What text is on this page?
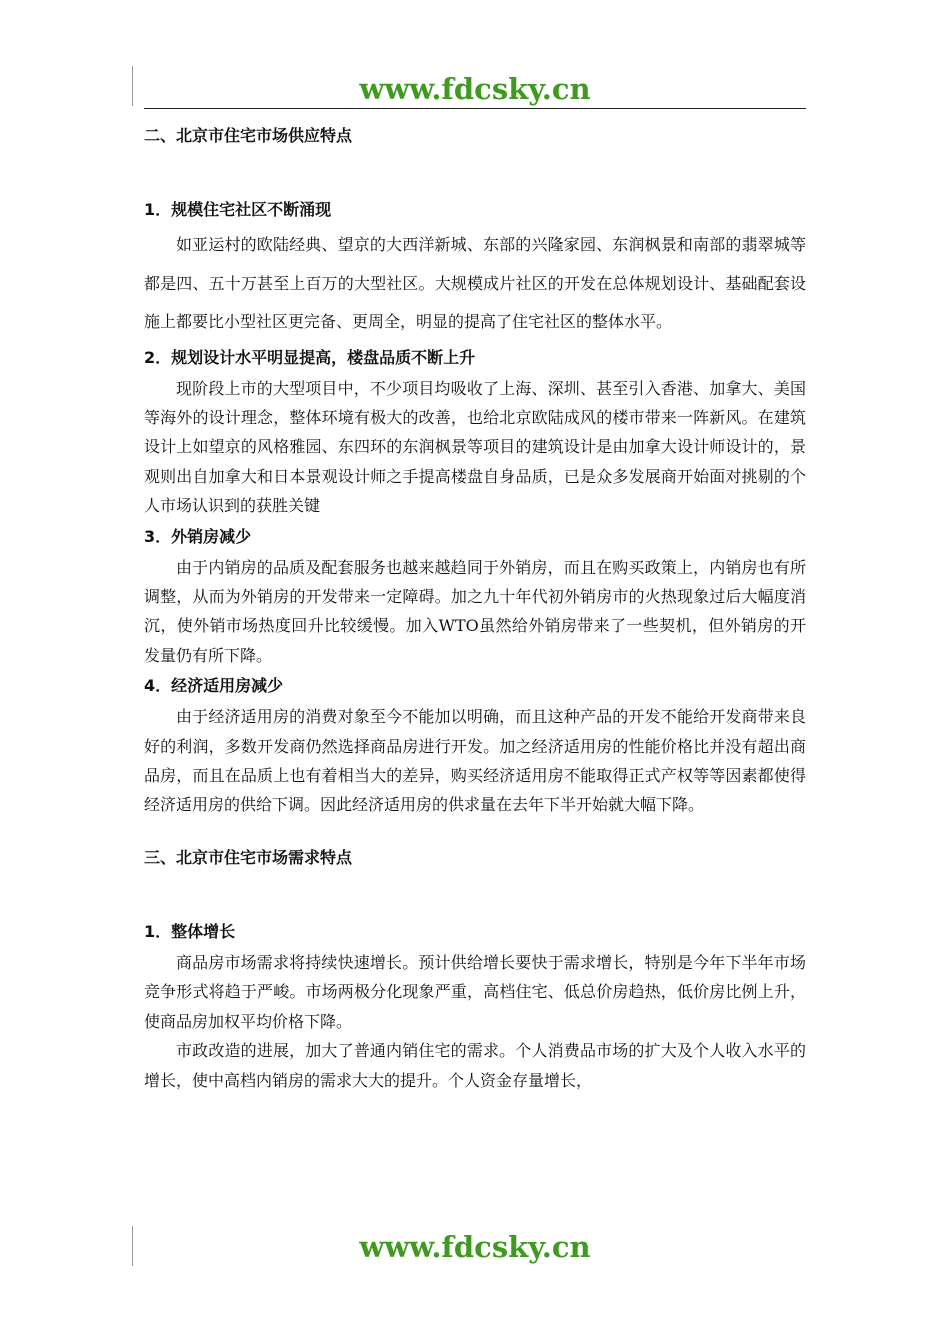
www.fdcsky.cn
二、北京市住宅市场供应特点
1．规模住宅社区不断涌现

如亚运村的欧陆经典、望京的大西洋新城、东部的兴隆家园、东润枫景和南部的翡翠城等都是四、五十万甚至上百万的大型社区。大规模成片社区的开发在总体规划设计、基础配套设施上都要比小型社区更完备、更周全，明显的提高了住宅社区的整体水平。

2．规划设计水平明显提高，楼盘品质不断上升

现阶段上市的大型项目中，不少项目均吸收了上海、深圳、甚至引入香港、加拿大、美国等海外的设计理念，整体环境有极大的改善，也给北京欧陆成风的楼市带来一阵新风。在建筑设计上如望京的风格雅园、东四环的东润枫景等项目的建筑设计是由加拿大设计师设计的，景观则出自加拿大和日本景观设计师之手提高楼盘自身品质，已是众多发展商开始面对挑剔的个人市场认识到的获胜关键

3．外销房减少

由于内销房的品质及配套服务也越来越趋同于外销房，而且在购买政策上，内销房也有所调整，从而为外销房的开发带来一定障碍。加之九十年代初外销房市的火热现象过后大幅度消沉，使外销市场热度回升比较缓慢。加入WTO虽然给外销房带来了一些契机，但外销房的开发量仍有所下降。

4．经济适用房减少

由于经济适用房的消费对象至今不能加以明确，而且这种产品的开发不能给开发商带来良好的利润，多数开发商仍然选择商品房进行开发。加之经济适用房的性能价格比并没有超出商品房，而且在品质上也有着相当大的差异，购买经济适用房不能取得正式产权等等因素都使得经济适用房的供给下调。因此经济适用房的供求量在去年下半开始就大幅下降。

三、北京市住宅市场需求特点
1．整体增长

商品房市场需求将持续快速增长。预计供给增长要快于需求增长，特别是今年下半年市场竞争形式将趋于严峻。市场两极分化现象严重，高档住宅、低总价房趋热，低价房比例上升，使商品房加权平均价格下降。

市政改造的进展，加大了普通内销住宅的需求。个人消费品市场的扩大及个人收入水平的增长，使中高档内销房的需求大大的提升。个人资金存量增长，

www.fdcsky.cn
